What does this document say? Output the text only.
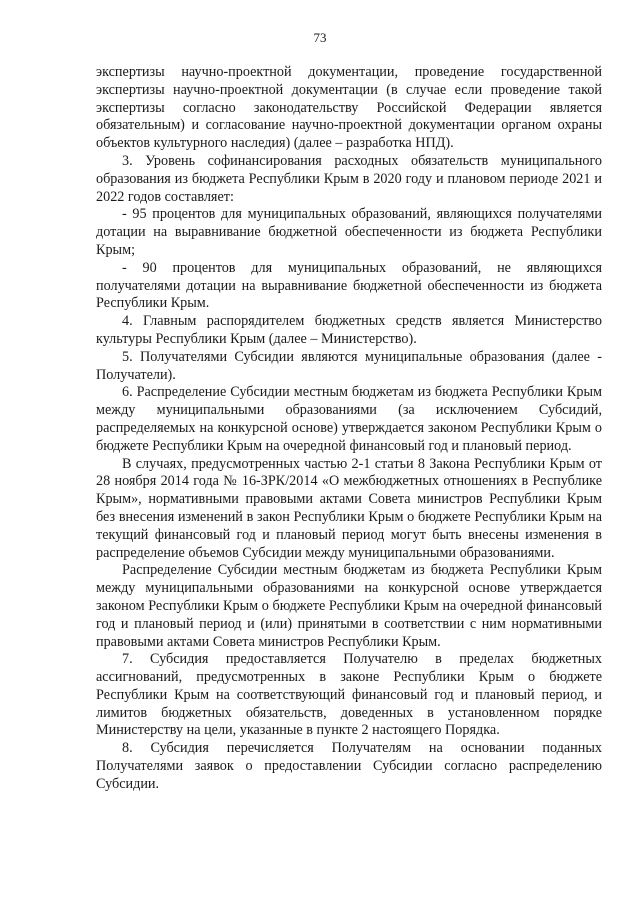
73

экспертизы научно-проектной документации, проведение государственной экспертизы научно-проектной документации (в случае если проведение такой экспертизы согласно законодательству Российской Федерации является обязательным) и согласование научно-проектной документации органом охраны объектов культурного наследия) (далее – разработка НПД).

3. Уровень софинансирования расходных обязательств муниципального образования из бюджета Республики Крым в 2020 году и плановом периоде 2021 и 2022 годов составляет:

- 95 процентов для муниципальных образований, являющихся получателями дотации на выравнивание бюджетной обеспеченности из бюджета Республики Крым;

- 90 процентов для муниципальных образований, не являющихся получателями дотации на выравнивание бюджетной обеспеченности из бюджета Республики Крым.

4. Главным распорядителем бюджетных средств является Министерство культуры Республики Крым (далее – Министерство).

5. Получателями Субсидии являются муниципальные образования (далее - Получатели).

6. Распределение Субсидии местным бюджетам из бюджета Республики Крым между муниципальными образованиями (за исключением Субсидий, распределяемых на конкурсной основе) утверждается законом Республики Крым о бюджете Республики Крым на очередной финансовый год и плановый период.

В случаях, предусмотренных частью 2-1 статьи 8 Закона Республики Крым от 28 ноября 2014 года № 16-ЗРК/2014 «О межбюджетных отношениях в Республике Крым», нормативными правовыми актами Совета министров Республики Крым без внесения изменений в закон Республики Крым о бюджете Республики Крым на текущий финансовый год и плановый период могут быть внесены изменения в распределение объемов Субсидии между муниципальными образованиями.

Распределение Субсидии местным бюджетам из бюджета Республики Крым между муниципальными образованиями на конкурсной основе утверждается законом Республики Крым о бюджете Республики Крым на очередной финансовый год и плановый период и (или) принятыми в соответствии с ним нормативными правовыми актами Совета министров Республики Крым.

7. Субсидия предоставляется Получателю в пределах бюджетных ассигнований, предусмотренных в законе Республики Крым о бюджете Республики Крым на соответствующий финансовый год и плановый период, и лимитов бюджетных обязательств, доведенных в установленном порядке Министерству на цели, указанные в пункте 2 настоящего Порядка.

8. Субсидия перечисляется Получателям на основании поданных Получателями заявок о предоставлении Субсидии согласно распределению Субсидии.
